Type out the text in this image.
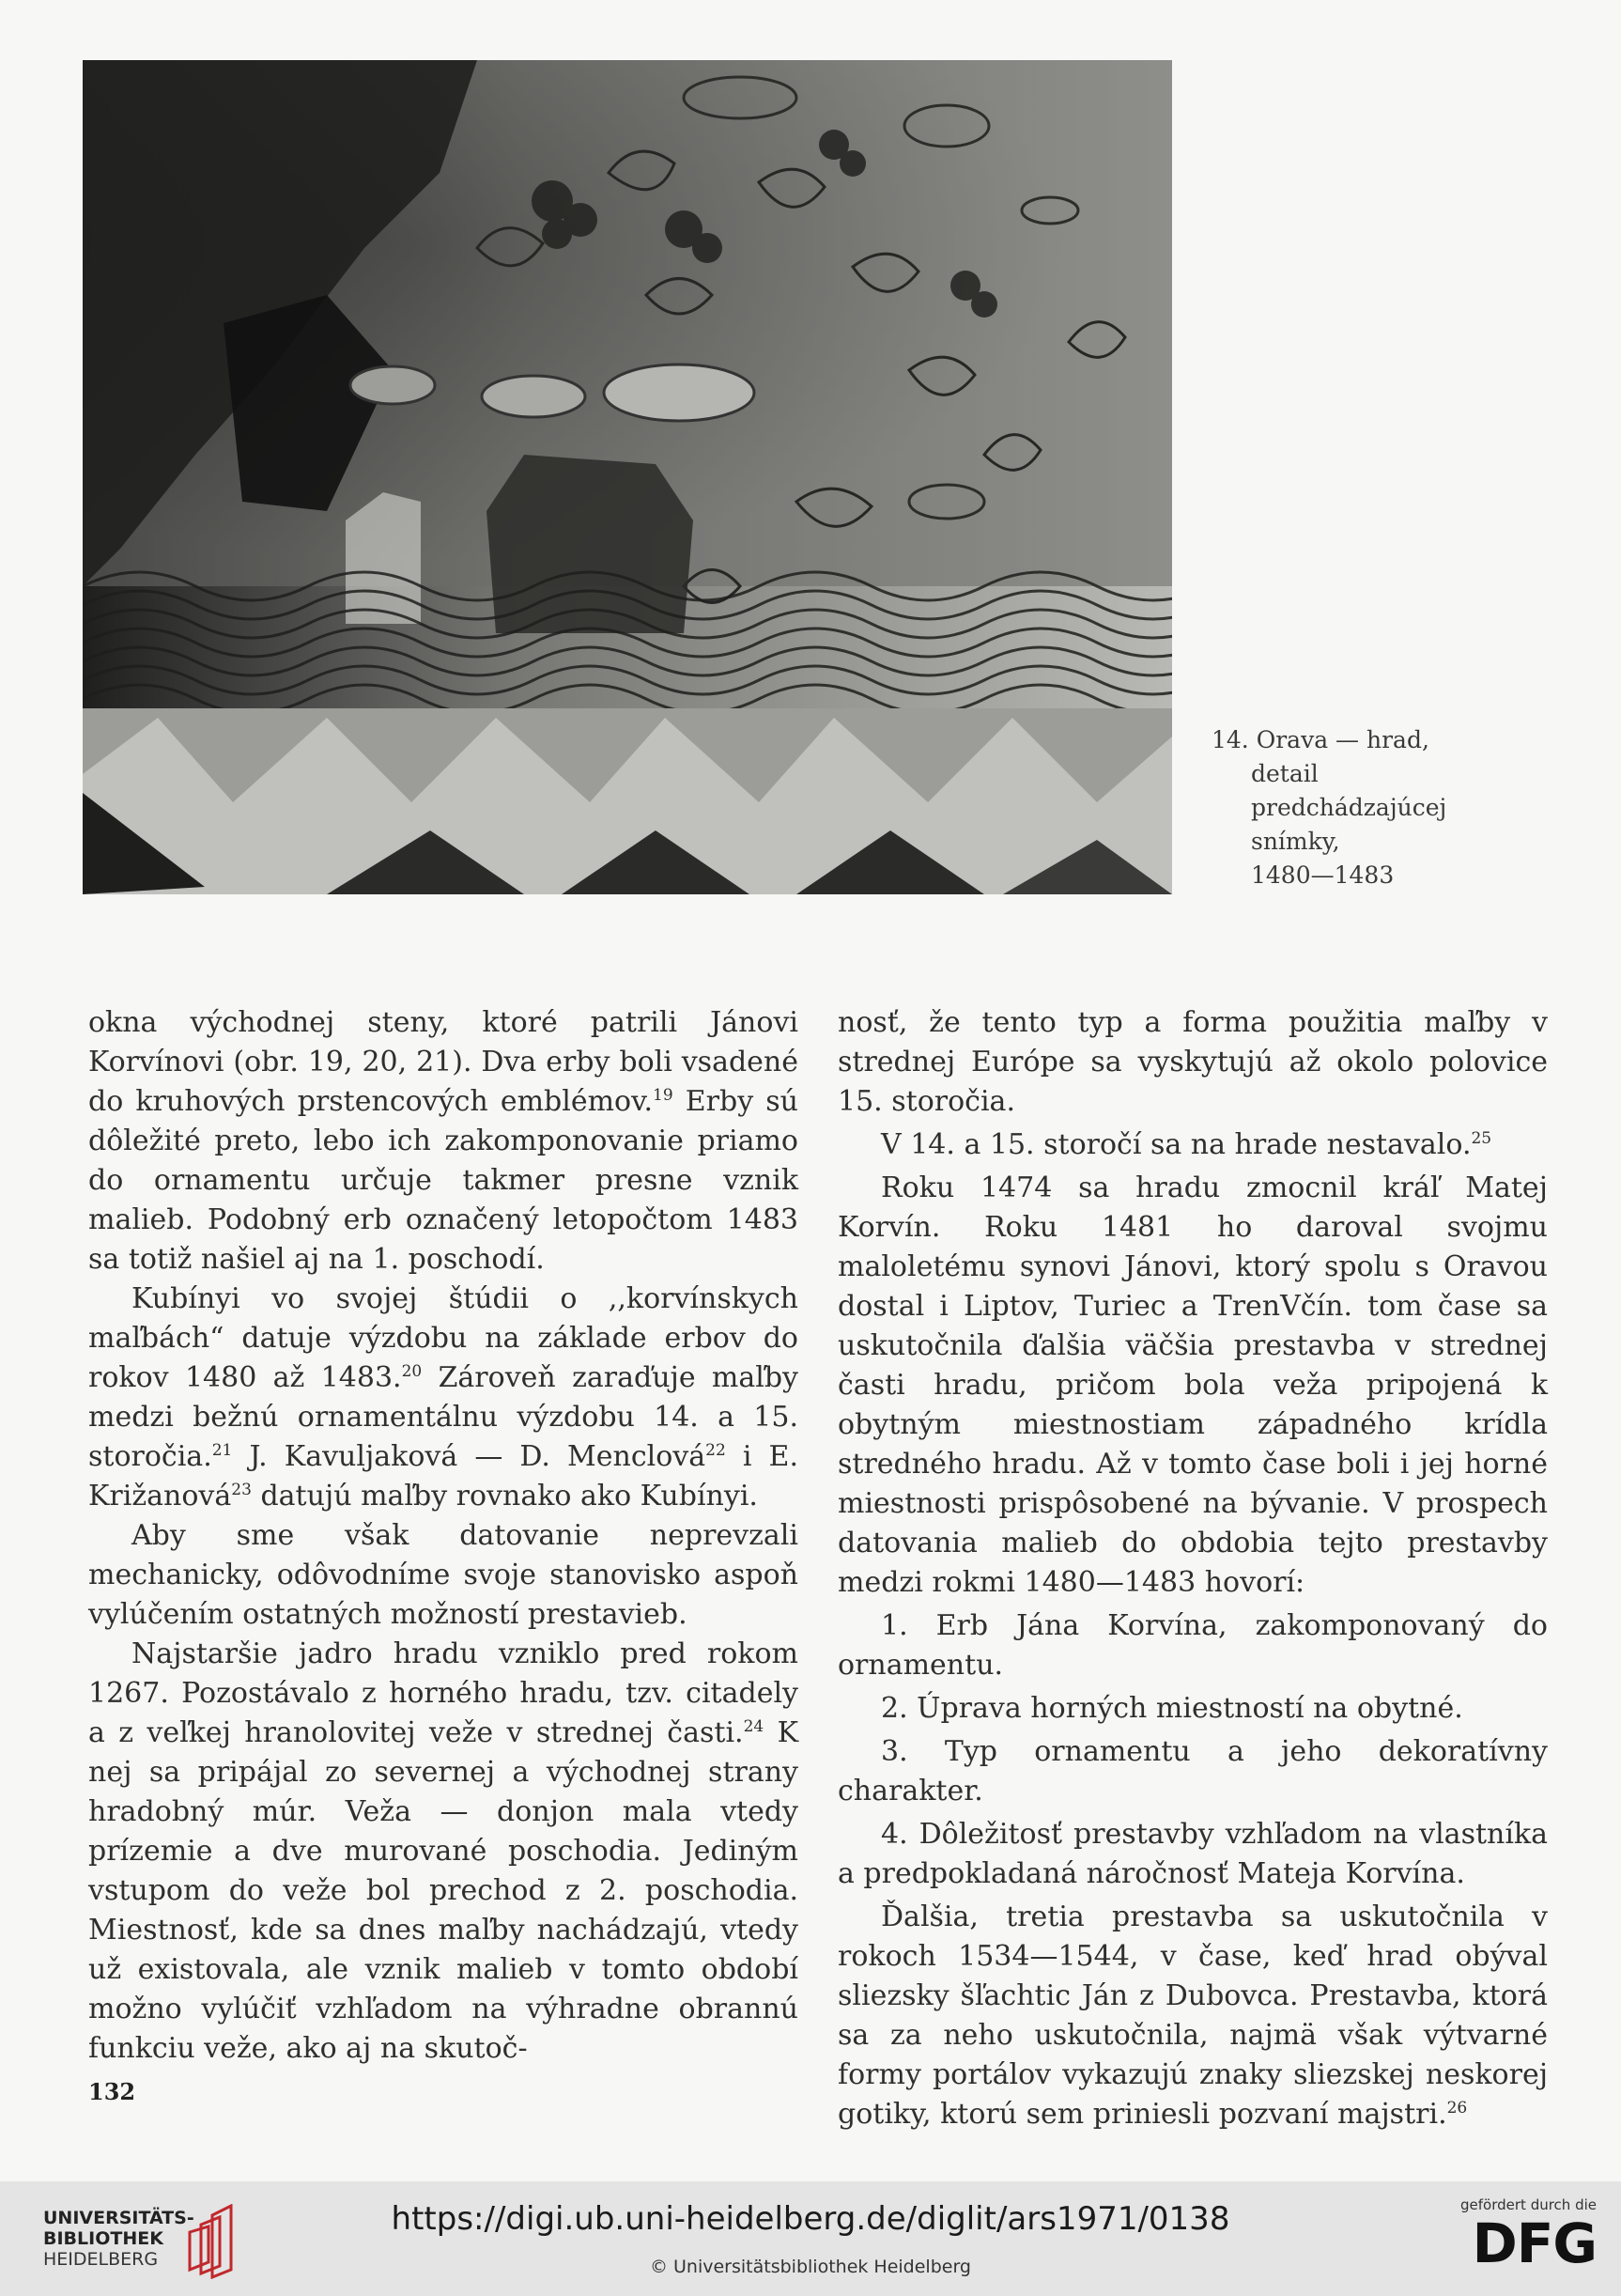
14. Orava — hrad,
detail
predchádzajúcej
snímky,
1480—1483

okna východnej steny, ktoré patrili Jánovi Korvínovi (obr. 19, 20, 21). Dva erby boli vsadené do kruhových prstencových emblémov.$^{19}$ Erby sú dôležité preto, lebo ich zakomponovanie priamo do ornamentu určuje takmer presne vznik malieb. Podobný erb označený letopočtom 1483 sa totiž našiel aj na 1. poschodí.

Kubínyi vo svojej štúdii o ,,korvínskych maľbách“ datuje výzdobu na základe erbov do rokov 1480 až 1483.20 Zároveň zaraďuje maľby medzi bežnú ornamentálnu výzdobu 14. a 15. storočia.$^{21}$ J. Kavuljaková — D. Menclová$^{22}$ i E. Križanová$^{23}$ datujú maľby rovnako ako Kubínyi.

Aby sme však datovanie neprevzali mechanicky, odôvodníme svoje stanovisko aspoň vylúčením ostatných možností prestavieb.

Najstaršie jadro hradu vzniklo pred rokom 1267. Pozostávalo z horného hradu, tzv. citadely a z veľkej hranolovitej veže v strednej časti.$^{24}$ K nej sa pripájal zo severnej a východnej strany hradobný múr. Veža — donjon mala vtedy prízemie a dve murované poschodia. Jediným vstupom do veže bol prechod z 2. poschodia. Miestnosť, kde sa dnes maľby nachádzajú, vtedy už existovala, ale vznik malieb v tomto období možno vylúčiť vzhľadom na výhradne obrannú funkciu veže, ako aj na skutoč-

nosť, že tento typ a forma použitia maľby v strednej Európe sa vyskytujú až okolo polovice 15. storočia.

V 14. a 15. storočí sa na hrade nestavalo.$^{25}$

Roku 1474 sa hradu zmocnil kráľ Matej Korvín. Roku 1481 ho daroval svojmu maloletému synovi Jánovi, ktorý spolu s Oravou dostal i Liptov, Turiec a TrenVčín. tom čase sa uskutočnila ďalšia väčšia prestavba v strednej časti hradu, pričom bola veža pripojená k obytným miestnostiam západného krídla stredného hradu. Až v tomto čase boli i jej horné miestnosti prispôsobené na bývanie. V prospech datovania malieb do obdobia tejto prestavby medzi rokmi 1480—1483 hovorí:

1. Erb Jána Korvína, zakomponovaný do ornamentu.

2. Úprava horných miestností na obytné.

3. Typ ornamentu a jeho dekoratívny charakter.

4. Dôležitosť prestavby vzhľadom na vlastníka a predpokladaná náročnosť Mateja Korvína.

Ďalšia, tretia prestavba sa uskutočnila v rokoch 1534—1544, v čase, keď hrad obýval sliezsky šľachtic Ján z Dubovca. Prestavba, ktorá sa za neho uskutočnila, najmä však výtvarné formy portálov vykazujú znaky sliezskej neskorej gotiky, ktorú sem priniesli pozvaní majstri.$^{26}$

132
UNIVERSITÄTS-
BIBLIOTHEK
HEIDELBERG
https://digi.ub.uni-heidelberg.de/diglit/ars1971/0138
© Universitätsbibliothek Heidelberg
gefördert durch die
DFG
